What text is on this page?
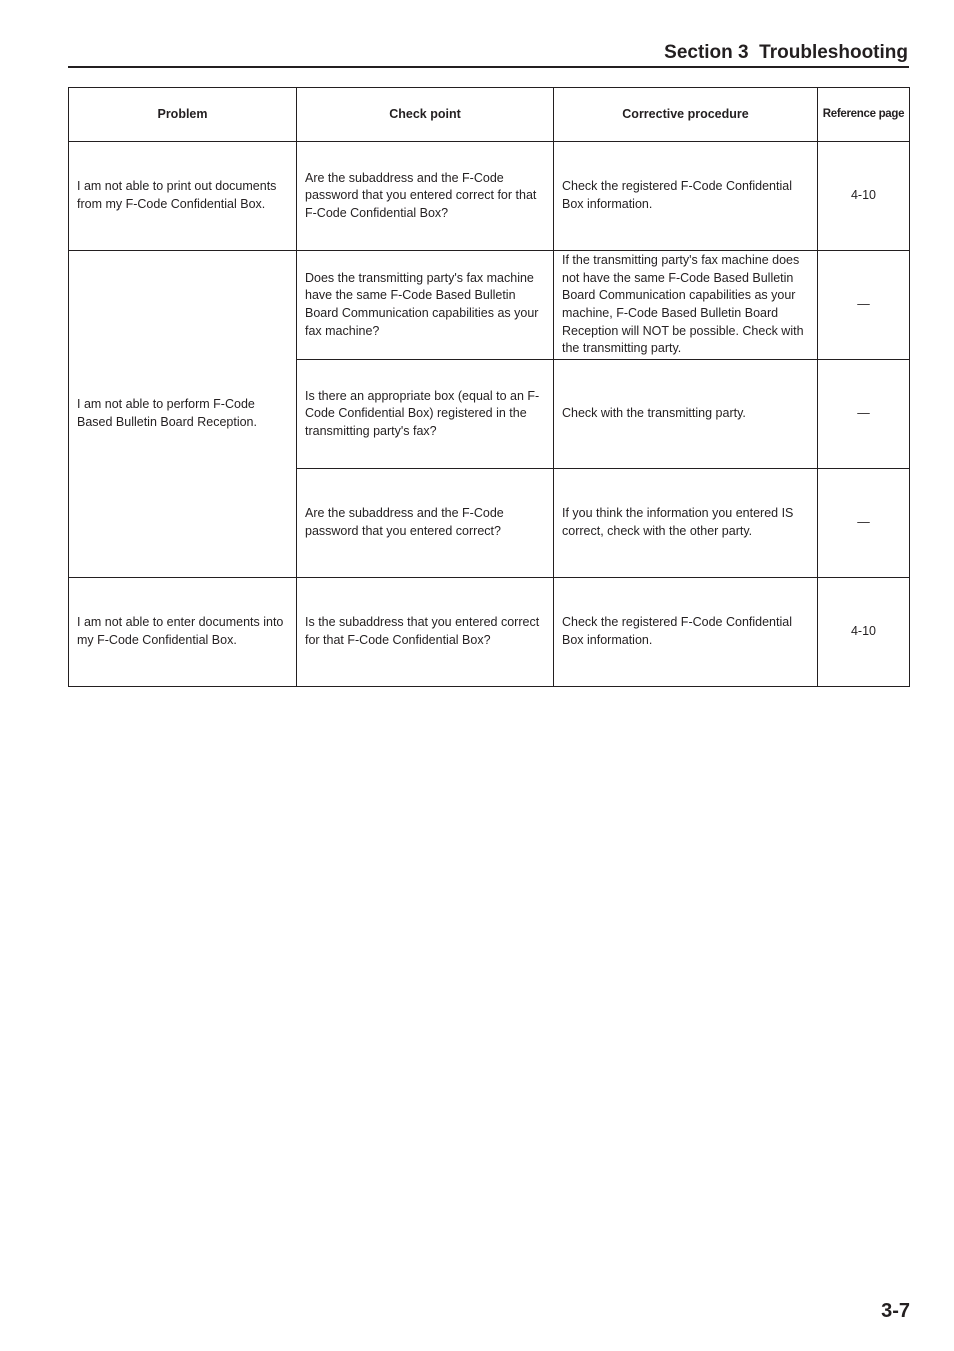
Section 3  Troubleshooting
Problem	Check point	Corrective procedure	Reference page
I am not able to print out documents from my F-Code Confidential Box.	Are the subaddress and the F-Code password that you entered correct for that F-Code Confidential Box?	Check the registered F-Code Confidential Box information.	4-10
I am not able to perform F-Code Based Bulletin Board Reception.	Does the transmitting party's fax machine have the same F-Code Based Bulletin Board Communication capabilities as your fax machine?	If the transmitting party's fax machine does not have the same F-Code Based Bulletin Board Communication capabilities as your machine, F-Code Based Bulletin Board Reception will NOT be possible. Check with the transmitting party.	—
	Is there an appropriate box (equal to an F-Code Confidential Box) registered in the transmitting party's fax?	Check with the transmitting party.	—
	Are the subaddress and the F-Code password that you entered correct?	If you think the information you entered IS correct, check with the other party.	—
I am not able to enter documents into my F-Code Confidential Box.	Is the subaddress that you entered correct for that F-Code Confidential Box?	Check the registered F-Code Confidential Box information.	4-10
3-7
